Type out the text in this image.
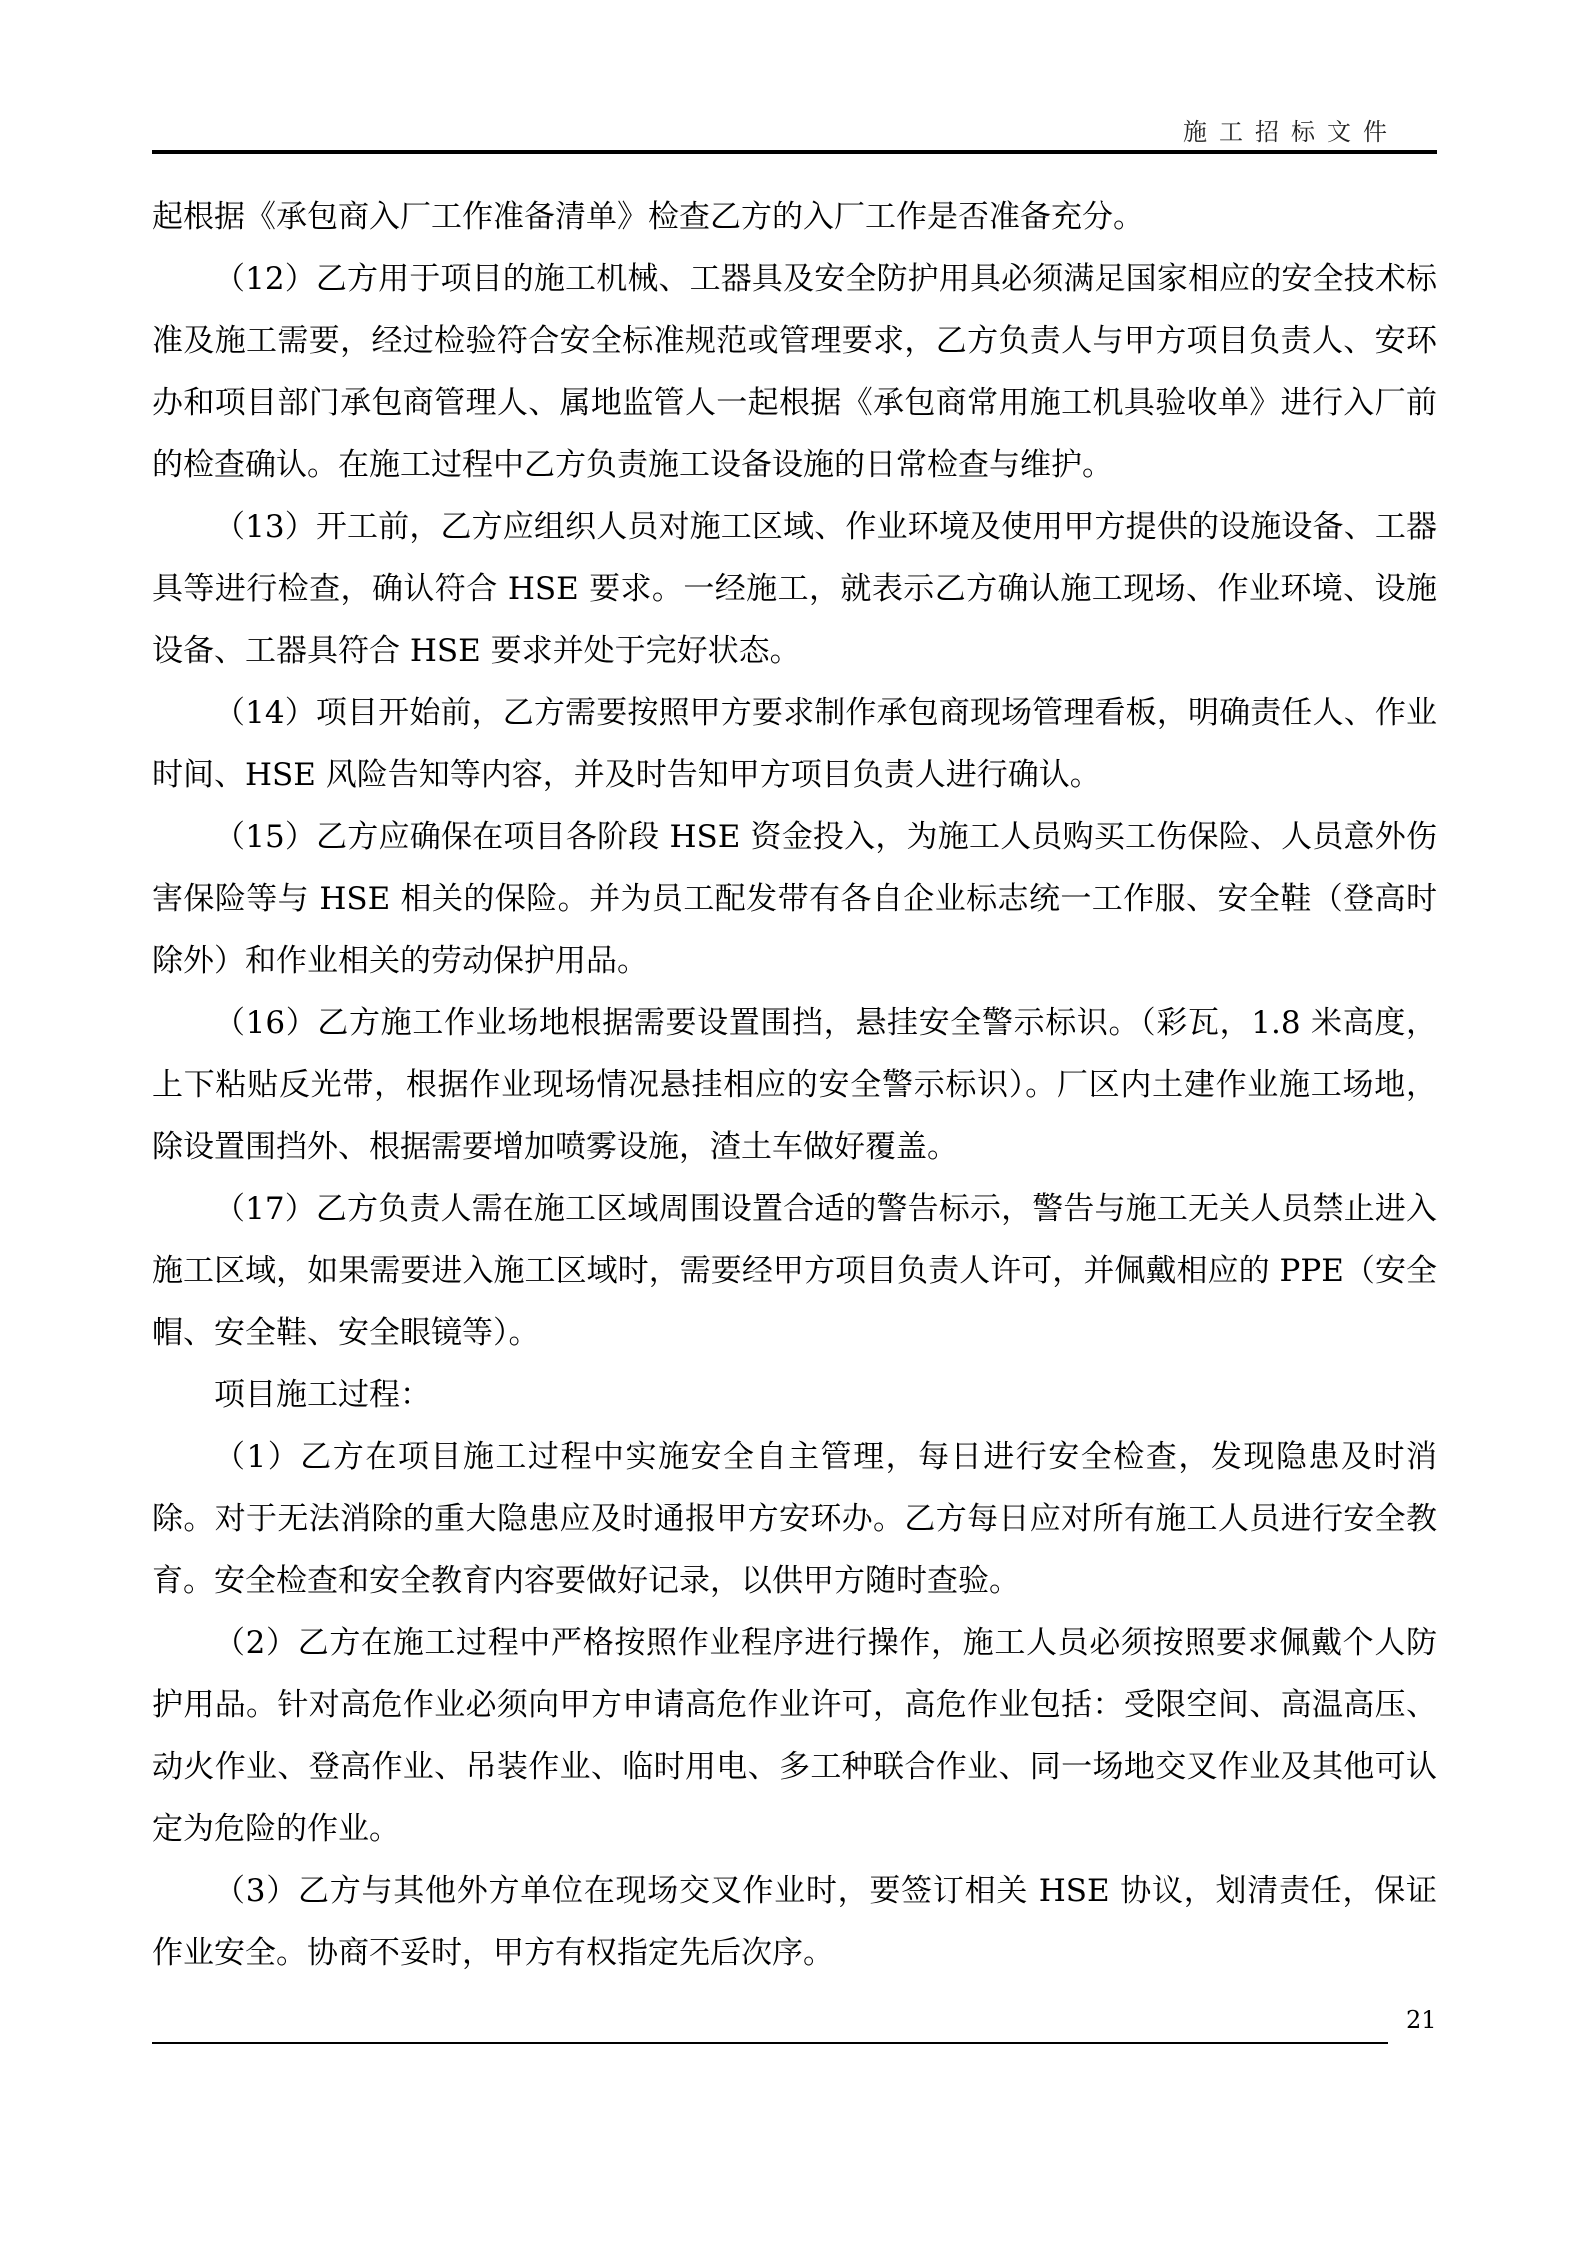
施工招标文件

起根据《承包商入厂工作准备清单》检查乙方的入厂工作是否准备充分。

（12）乙方用于项目的施工机械、工器具及安全防护用具必须满足国家相应的安全技术标准及施工需要，经过检验符合安全标准规范或管理要求，乙方负责人与甲方项目负责人、安环办和项目部门承包商管理人、属地监管人一起根据《承包商常用施工机具验收单》进行入厂前的检查确认。在施工过程中乙方负责施工设备设施的日常检查与维护。

（13）开工前，乙方应组织人员对施工区域、作业环境及使用甲方提供的设施设备、工器具等进行检查，确认符合 HSE 要求。一经施工，就表示乙方确认施工现场、作业环境、设施设备、工器具符合 HSE 要求并处于完好状态。

（14）项目开始前，乙方需要按照甲方要求制作承包商现场管理看板，明确责任人、作业时间、HSE 风险告知等内容，并及时告知甲方项目负责人进行确认。

（15）乙方应确保在项目各阶段 HSE 资金投入，为施工人员购买工伤保险、人员意外伤害保险等与 HSE 相关的保险。并为员工配发带有各自企业标志统一工作服、安全鞋（登高时除外）和作业相关的劳动保护用品。

（16）乙方施工作业场地根据需要设置围挡，悬挂安全警示标识。（彩瓦，1.8 米高度，上下粘贴反光带，根据作业现场情况悬挂相应的安全警示标识）。厂区内土建作业施工场地，除设置围挡外、根据需要增加喷雾设施，渣土车做好覆盖。

（17）乙方负责人需在施工区域周围设置合适的警告标示，警告与施工无关人员禁止进入施工区域，如果需要进入施工区域时，需要经甲方项目负责人许可，并佩戴相应的 PPE（安全帽、安全鞋、安全眼镜等）。

项目施工过程：

（1）乙方在项目施工过程中实施安全自主管理，每日进行安全检查，发现隐患及时消除。对于无法消除的重大隐患应及时通报甲方安环办。乙方每日应对所有施工人员进行安全教育。安全检查和安全教育内容要做好记录，以供甲方随时查验。

（2）乙方在施工过程中严格按照作业程序进行操作，施工人员必须按照要求佩戴个人防护用品。针对高危作业必须向甲方申请高危作业许可，高危作业包括：受限空间、高温高压、动火作业、登高作业、吊装作业、临时用电、多工种联合作业、同一场地交叉作业及其他可认定为危险的作业。

（3）乙方与其他外方单位在现场交叉作业时，要签订相关 HSE 协议，划清责任，保证作业安全。协商不妥时，甲方有权指定先后次序。

21
